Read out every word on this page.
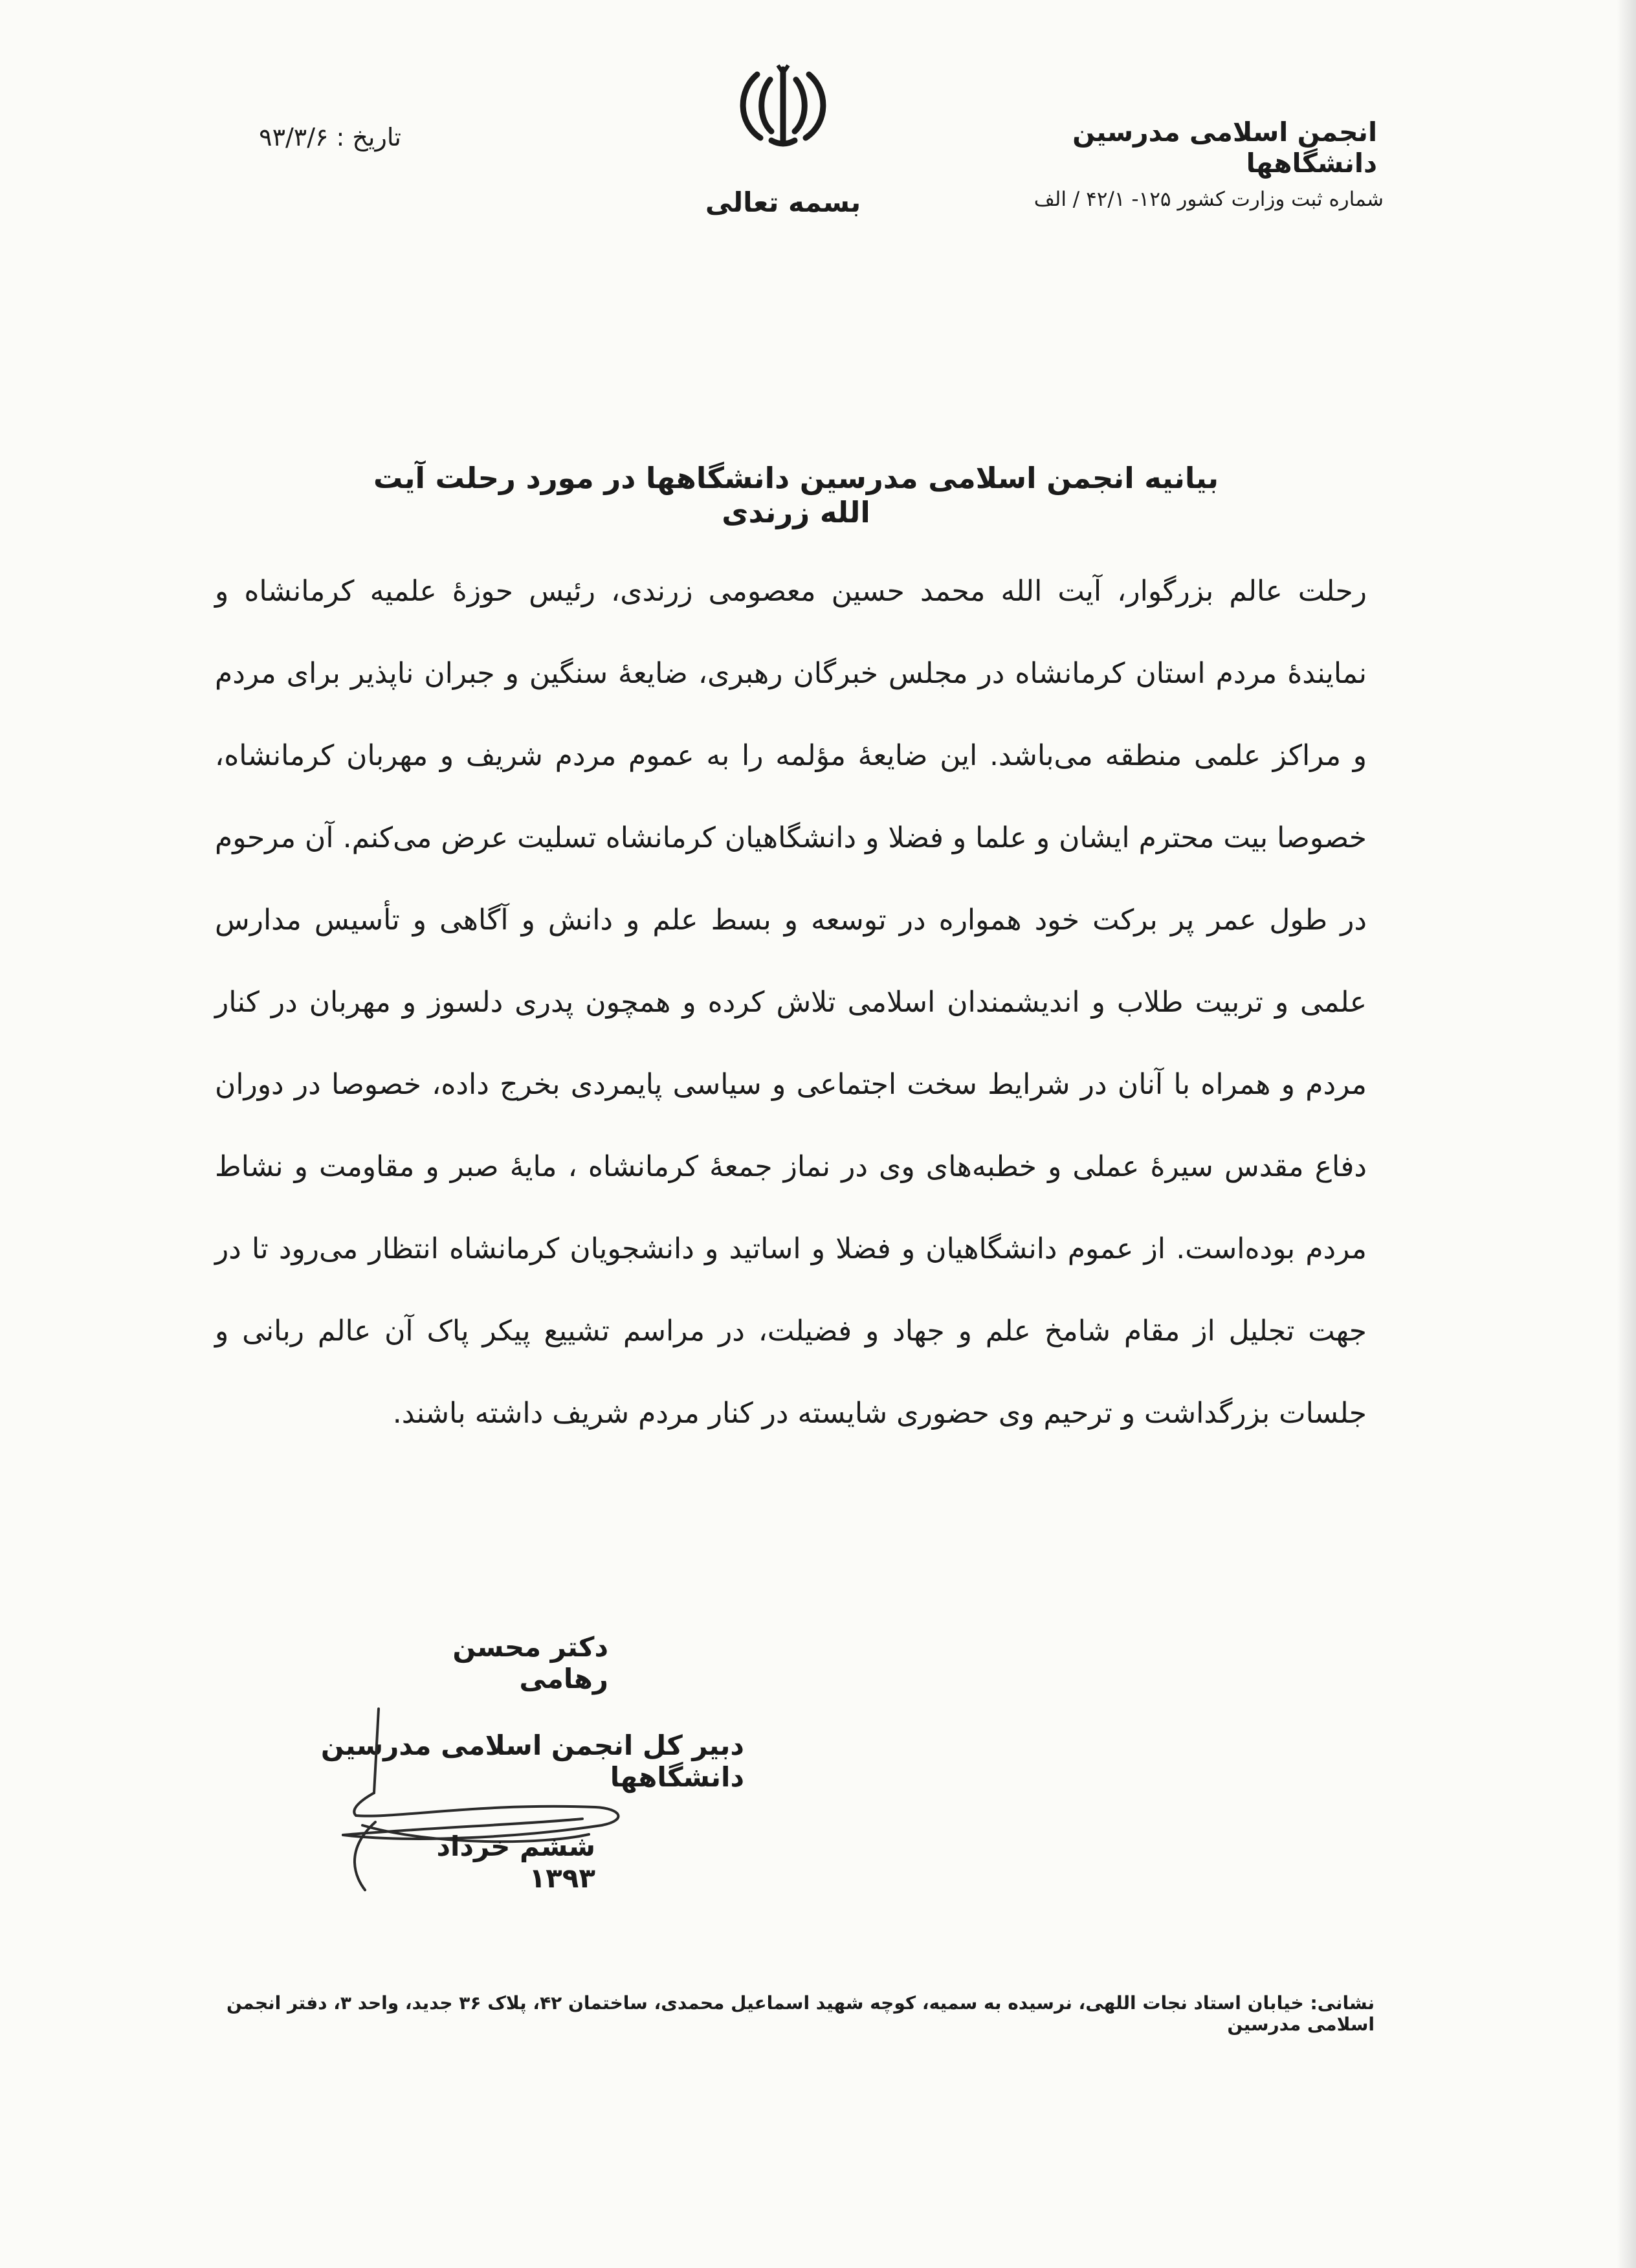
انجمن اسلامی مدرسین دانشگاهها
شماره ثبت وزارت کشور ۱۲۵- ۴۲/۱ / الف
بسمه تعالی
تاریخ : ۹۳/۳/۶
بیانیه انجمن اسلامی مدرسین دانشگاهها در مورد رحلت آیت الله زرندی
رحلت عالم بزرگوار، آیت الله محمد حسین معصومی زرندی، رئیس حوزهٔ علمیه کرمانشاه و نمایندهٔ مردم استان کرمانشاه در مجلس خبرگان رهبری، ضایعهٔ سنگین و جبران ناپذیر برای مردم و مراکز علمی منطقه می‌باشد. این ضایعهٔ مؤلمه را به عموم مردم شریف و مهربان کرمانشاه، خصوصا بیت محترم ایشان و علما و فضلا و دانشگاهیان کرمانشاه تسلیت عرض می‌کنم. آن مرحوم در طول عمر پر برکت خود همواره در توسعه و بسط علم و دانش و آگاهی و تأسیس مدارس علمی و تربیت طلاب و اندیشمندان اسلامی تلاش کرده و همچون پدری دلسوز و مهربان در کنار مردم و همراه با آنان در شرایط سخت اجتماعی و سیاسی پایمردی بخرج داده، خصوصا در دوران دفاع مقدس سیرهٔ عملی و خطبه‌های وی در نماز جمعهٔ کرمانشاه ، مایهٔ صبر و مقاومت و نشاط مردم بوده‌است. از عموم دانشگاهیان و فضلا و اساتید و دانشجویان کرمانشاه انتظار می‌رود تا در جهت تجلیل از مقام شامخ علم و جهاد و فضیلت، در مراسم تشییع پیکر پاک آن عالم ربانی و جلسات بزرگداشت و ترحیم وی حضوری شایسته در کنار مردم شریف داشته باشند.
دکتر محسن رهامی
دبیر کل انجمن اسلامی مدرسین دانشگاهها
ششم خرداد ۱۳۹۳
نشانی: خیابان استاد نجات اللهی، نرسیده به سمیه، کوچه شهید اسماعیل محمدی، ساختمان ۴۲، پلاک ۳۶ جدید، واحد ۳، دفتر انجمن اسلامی مدرسین
